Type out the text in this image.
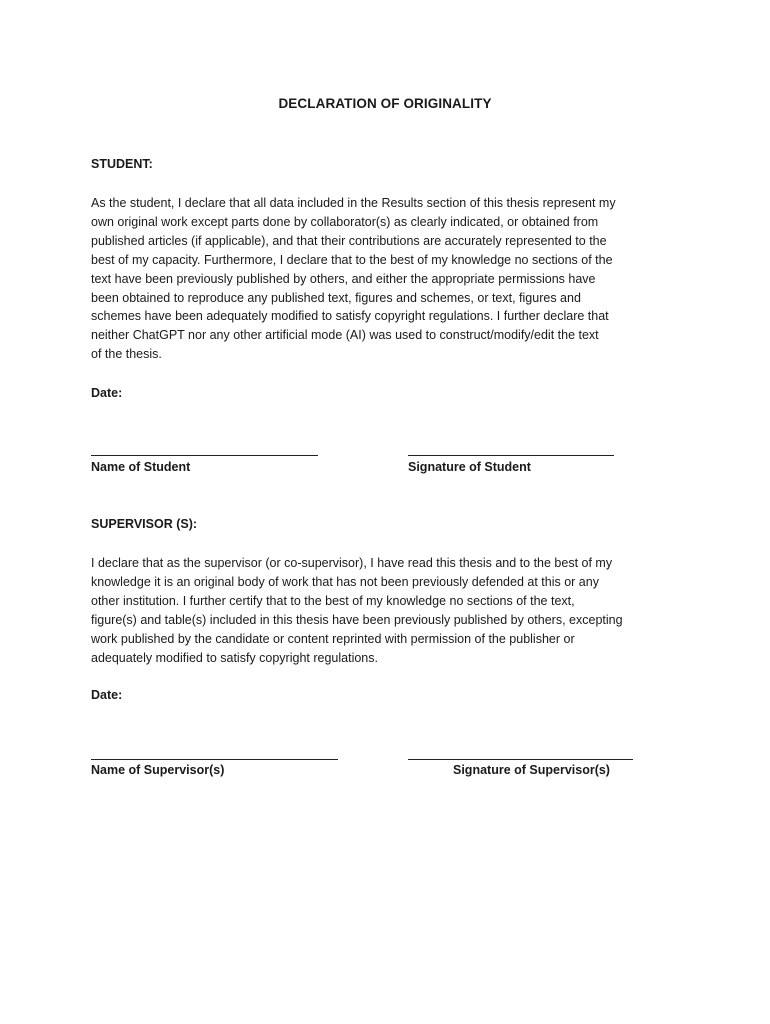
DECLARATION OF ORIGINALITY
STUDENT:

As the student, I declare that all data included in the Results section of this thesis represent my
own original work except parts done by collaborator(s) as clearly indicated, or obtained from
published articles (if applicable), and that their contributions are accurately represented to the
best of my capacity. Furthermore, I declare that to the best of my knowledge no sections of the
text have been previously published by others, and either the appropriate permissions have
been obtained to reproduce any published text, figures and schemes, or text, figures and
schemes have been adequately modified to satisfy copyright regulations. I further declare that
neither ChatGPT nor any other artificial mode (AI) was used to construct/modify/edit the text
of the thesis.

Date:
Name of Student	Signature of Student
SUPERVISOR (S):

I declare that as the supervisor (or co-supervisor), I have read this thesis and to the best of my
knowledge it is an original body of work that has not been previously defended at this or any
other institution. I further certify that to the best of my knowledge no sections of the text,
figure(s) and table(s) included in this thesis have been previously published by others, excepting
work published by the candidate or content reprinted with permission of the publisher or
adequately modified to satisfy copyright regulations.

Date:
Name of Supervisor(s)	Signature of Supervisor(s)
